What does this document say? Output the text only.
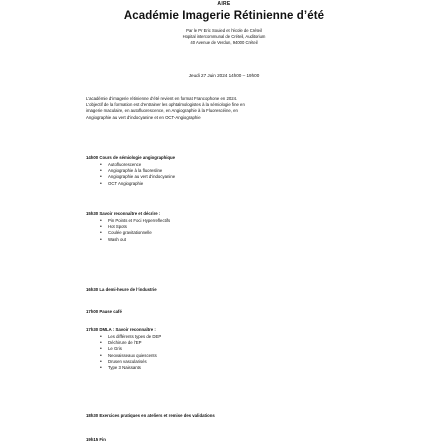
AIRE
Académie Imagerie Rétinienne d’été
Par le Pr Eric Souied et l’école de Créteil
Hopital intercommunal de Créteil, Auditorium
40 Avenue de Verdun, 94000 Créteil
Jeudi 27 Juin 2024 14h00 – 19h00
L’académie d’imagerie rétinienne d’été revient en format Francophone en 2024.
L’objectif de la formation est d’entrainer les ophtalmologistes à la sémiologie fine en
imagerie maculaire, en autofluorescence, en Angiographie à la Fluorescéine, en
Angiographie au vert d’indocyanine et en OCT-Angiographie
14h00 Cours de sémiologie angiographique
• Autofluorescence
• Angiographie à la fluoresline
• Angiographie au vert d’indocyanine
• OCT Angiographie
15h30 Savoir reconnaître et décrire :
• Pin Points et Foci Hyperreflectifs
• Hot Spots
• Coulée gravitationnelle
• Wash out
16h30 La demi-heure de l’industrie
17h00 Pause café
17h30 DMLA : Savoir reconnaître :
• Les différents types de DEP
• Déchirure de l’EP
• Le Gris
• Neovaisseaux quiescents
• Drusen vascularisés
• Type 3 Naissants
18h30 Exercices pratiques en ateliers et remise des validations
19h15 Fin
